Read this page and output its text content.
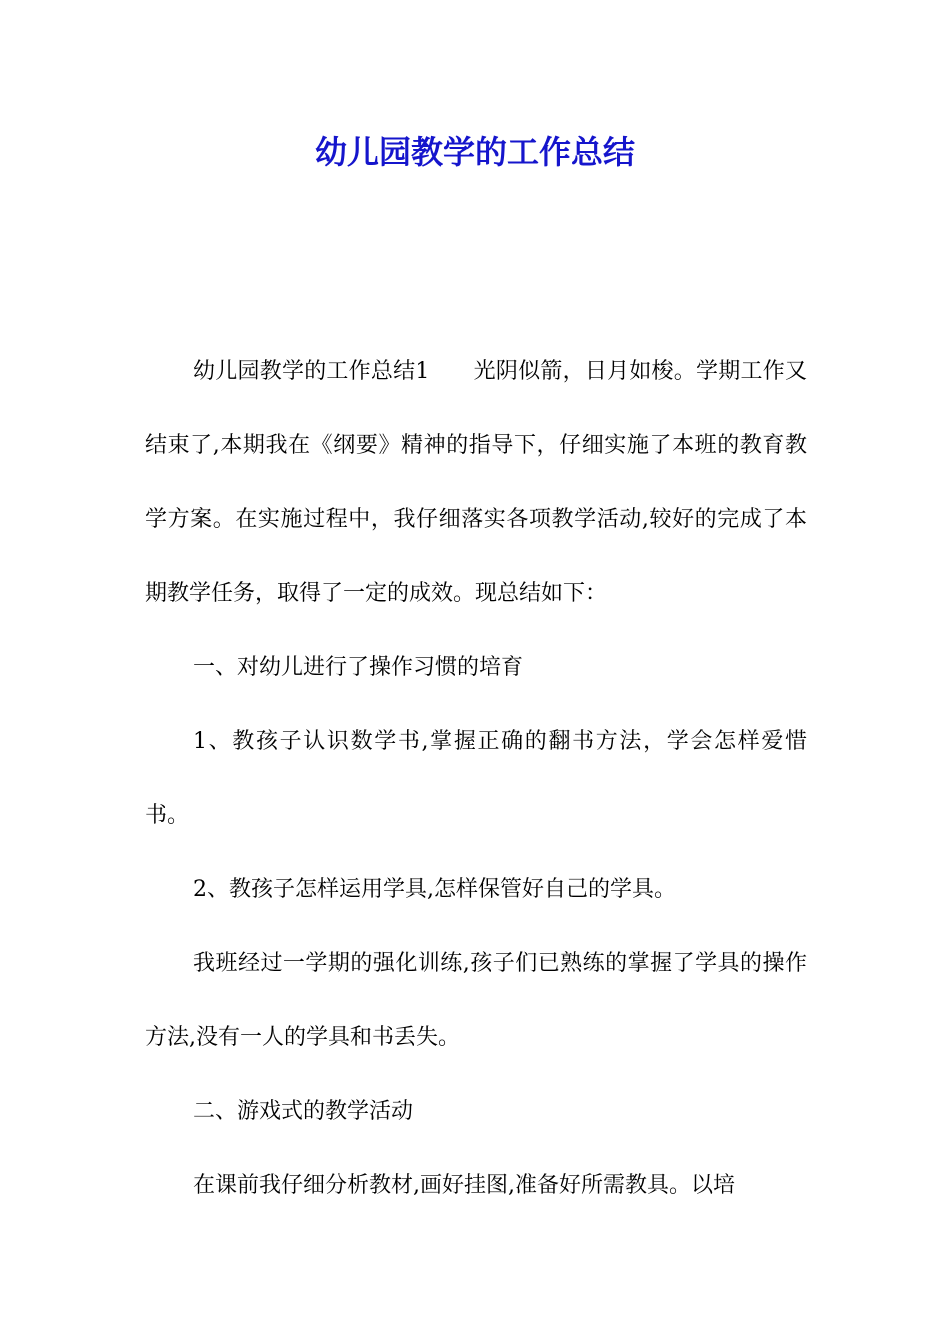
幼儿园教学的工作总结

幼儿园教学的工作总结1 光阴似箭，日月如梭。学期工作又结束了,本期我在《纲要》精神的指导下，仔细实施了本班的教育教学方案。在实施过程中，我仔细落实各项教学活动,较好的完成了本期教学任务，取得了一定的成效。现总结如下：

一、对幼儿进行了操作习惯的培育

1、教孩子认识数学书,掌握正确的翻书方法，学会怎样爱惜书。

2、教孩子怎样运用学具,怎样保管好自己的学具。

我班经过一学期的强化训练,孩子们已熟练的掌握了学具的操作方法,没有一人的学具和书丢失。

二、游戏式的教学活动

在课前我仔细分析教材,画好挂图,准备好所需教具。以培
